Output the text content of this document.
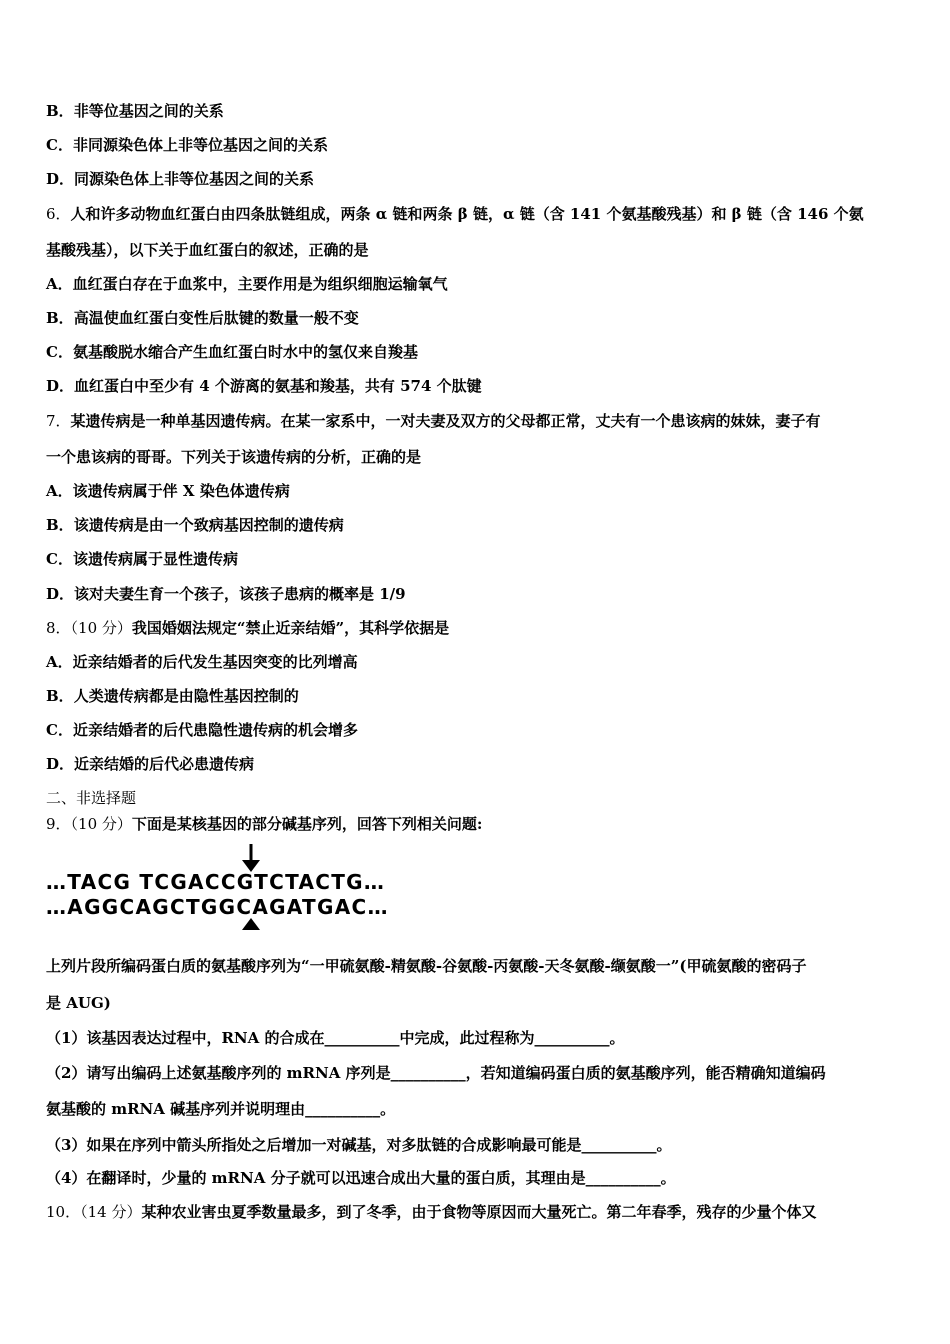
B．非等位基因之间的关系
C．非同源染色体上非等位基因之间的关系
D．同源染色体上非等位基因之间的关系
6．人和许多动物血红蛋白由四条肽链组成，两条 α 链和两条 β 链，α 链（含 141 个氨基酸残基）和 β 链（含 146 个氨
基酸残基），以下关于血红蛋白的叙述，正确的是
A．血红蛋白存在于血浆中，主要作用是为组织细胞运输氧气
B．高温使血红蛋白变性后肽键的数量一般不变
C．氨基酸脱水缩合产生血红蛋白时水中的氢仅来自羧基
D．血红蛋白中至少有 4 个游离的氨基和羧基，共有 574 个肽键
7．某遗传病是一种单基因遗传病。在某一家系中，一对夫妻及双方的父母都正常，丈夫有一个患该病的妹妹，妻子有
一个患该病的哥哥。下列关于该遗传病的分析，正确的是
A．该遗传病属于伴 X 染色体遗传病
B．该遗传病是由一个致病基因控制的遗传病
C．该遗传病属于显性遗传病
D．该对夫妻生育一个孩子，该孩子患病的概率是 1/9
8．（10 分）我国婚姻法规定“禁止近亲结婚”，其科学依据是
A．近亲结婚者的后代发生基因突变的比列增高
B．人类遗传病都是由隐性基因控制的
C．近亲结婚者的后代患隐性遗传病的机会增多
D．近亲结婚的后代必患遗传病
二、非选择题
9．（10 分）下面是某核基因的部分碱基序列，回答下列相关问题:
…TACG TCGACCGTCTACTG…
…AGGCAGCTGGCAGATGAC…
上列片段所编码蛋白质的氨基酸序列为“一甲硫氨酸-精氨酸-谷氨酸-丙氨酸-天冬氨酸-缬氨酸一”(甲硫氨酸的密码子
是 AUG)
（1）该基因表达过程中，RNA 的合成在__________中完成，此过程称为__________。
（2）请写出编码上述氨基酸序列的 mRNA 序列是__________，若知道编码蛋白质的氨基酸序列，能否精确知道编码
氨基酸的 mRNA 碱基序列并说明理由__________。
（3）如果在序列中箭头所指处之后增加一对碱基，对多肽链的合成影响最可能是__________。
（4）在翻译时，少量的 mRNA 分子就可以迅速合成出大量的蛋白质，其理由是__________。
10．（14 分）某种农业害虫夏季数量最多，到了冬季，由于食物等原因而大量死亡。第二年春季，残存的少量个体又
